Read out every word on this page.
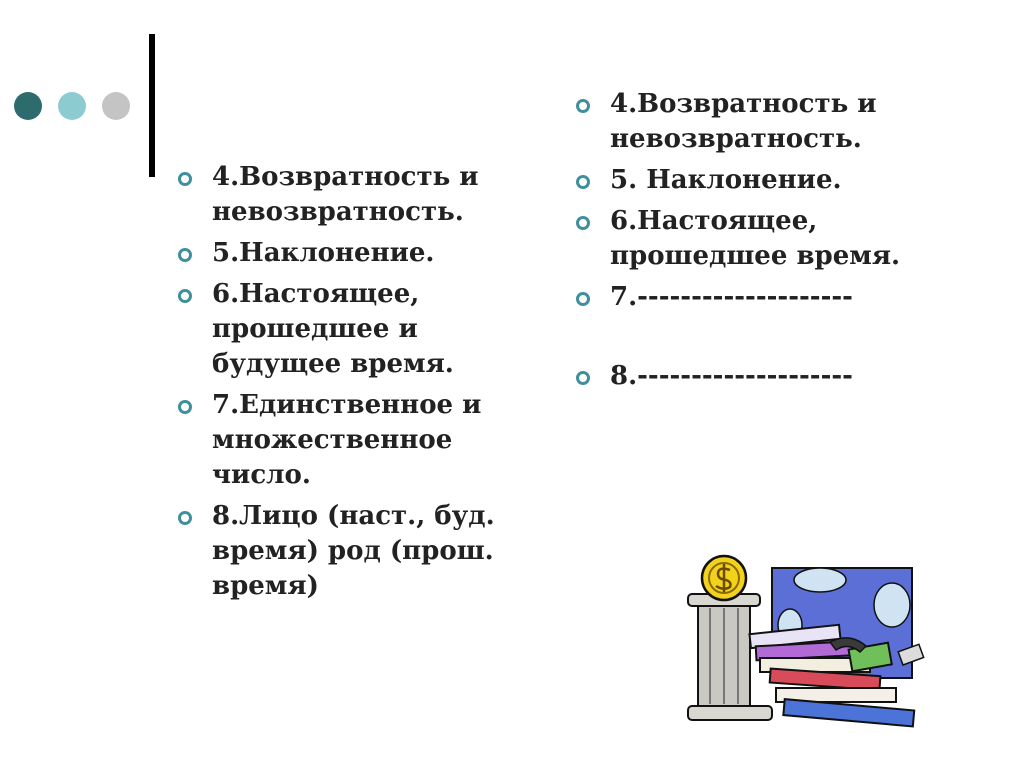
4.Возвратность и невозвратность.
5.Наклонение.
6.Настоящее, прошедшее и будущее время.
7.Единственное и множественное число.
8.Лицо (наст., буд. время) род (прош. время)
4.Возвратность и невозвратность.
5. Наклонение.
6.Настоящее, прошедшее время.
7.--------------------
8.--------------------
